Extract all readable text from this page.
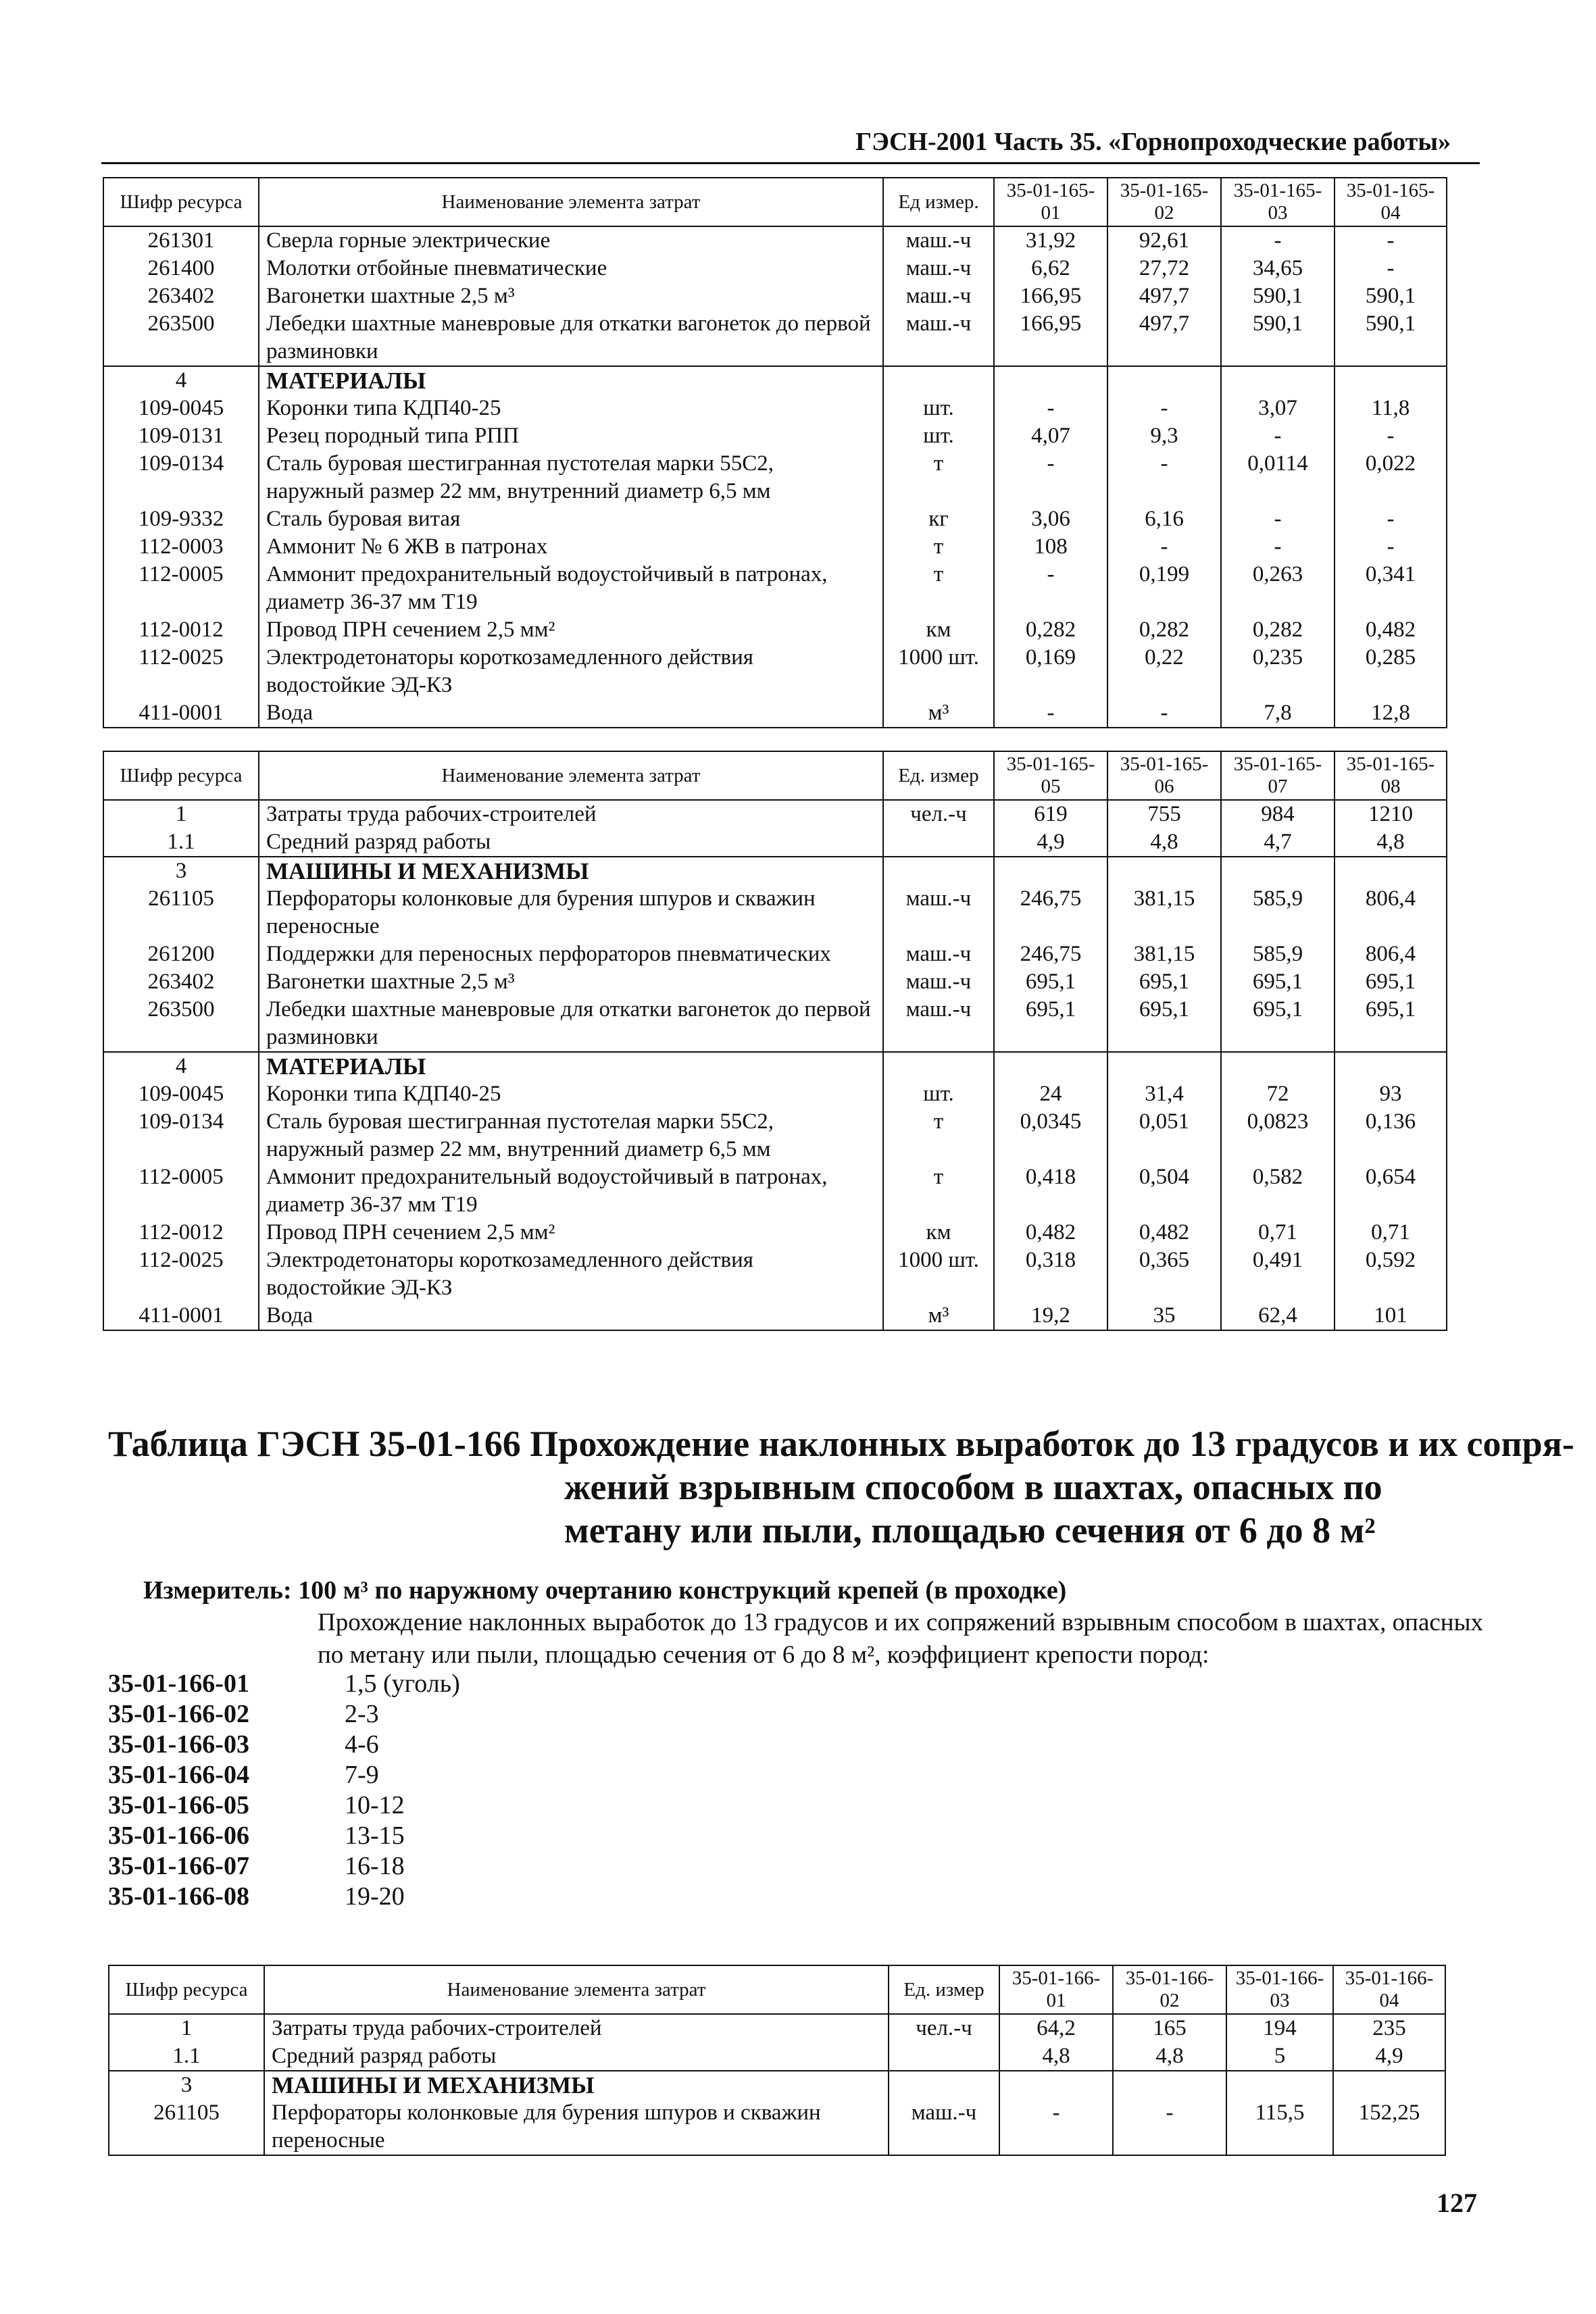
ГЭСН-2001 Часть 35. «Горнопроходческие работы»
Шифр ресурса	Наименование элемента затрат	Ед измер.	35-01-165-01	35-01-165-02	35-01-165-03	35-01-165-04
261301	Сверла горные электрические	маш.-ч	31,92	92,61	-	-
261400	Молотки отбойные пневматические	маш.-ч	6,62	27,72	34,65	-
263402	Вагонетки шахтные 2,5 м³	маш.-ч	166,95	497,7	590,1	590,1
263500	Лебедки шахтные маневровые для откатки вагонеток до первой разминовки	маш.-ч	166,95	497,7	590,1	590,1
4	МАТЕРИАЛЫ					
109-0045	Коронки типа КДП40-25	шт.	-	-	3,07	11,8
109-0131	Резец породный типа РПП	шт.	4,07	9,3	-	-
109-0134	Сталь буровая шестигранная пустотелая марки 55С2, наружный размер 22 мм, внутренний диаметр 6,5 мм	т	-	-	0,0114	0,022
109-9332	Сталь буровая витая	кг	3,06	6,16	-	-
112-0003	Аммонит № 6 ЖВ в патронах	т	108	-	-	-
112-0005	Аммонит предохранительный водоустойчивый в патронах, диаметр 36-37 мм Т19	т	-	0,199	0,263	0,341
112-0012	Провод ПРН сечением 2,5 мм²	км	0,282	0,282	0,282	0,482
112-0025	Электродетонаторы короткозамедленного действия водостойкие ЭД-КЗ	1000 шт.	0,169	0,22	0,235	0,285
411-0001	Вода	м³	-	-	7,8	12,8
Шифр ресурса	Наименование элемента затрат	Ед. измер	35-01-165-05	35-01-165-06	35-01-165-07	35-01-165-08
1	Затраты труда рабочих-строителей	чел.-ч	619	755	984	1210
1.1	Средний разряд работы		4,9	4,8	4,7	4,8
3	МАШИНЫ И МЕХАНИЗМЫ					
261105	Перфораторы колонковые для бурения шпуров и скважин переносные	маш.-ч	246,75	381,15	585,9	806,4
261200	Поддержки для переносных перфораторов пневматических	маш.-ч	246,75	381,15	585,9	806,4
263402	Вагонетки шахтные 2,5 м³	маш.-ч	695,1	695,1	695,1	695,1
263500	Лебедки шахтные маневровые для откатки вагонеток до первой разминовки	маш.-ч	695,1	695,1	695,1	695,1
4	МАТЕРИАЛЫ					
109-0045	Коронки типа КДП40-25	шт.	24	31,4	72	93
109-0134	Сталь буровая шестигранная пустотелая марки 55С2, наружный размер 22 мм, внутренний диаметр 6,5 мм	т	0,0345	0,051	0,0823	0,136
112-0005	Аммонит предохранительный водоустойчивый в патронах, диаметр 36-37 мм Т19	т	0,418	0,504	0,582	0,654
112-0012	Провод ПРН сечением 2,5 мм²	км	0,482	0,482	0,71	0,71
112-0025	Электродетонаторы короткозамедленного действия водостойкие ЭД-КЗ	1000 шт.	0,318	0,365	0,491	0,592
411-0001	Вода	м³	19,2	35	62,4	101
Таблица ГЭСН 35-01-166 Прохождение наклонных выработок до 13 градусов и их сопря-
жений взрывным способом в шахтах, опасных по метану или пыли, площадью сечения от 6 до 8 м²
Измеритель: 100 м³ по наружному очертанию конструкций крепей (в проходке)
Прохождение наклонных выработок до 13 градусов и их сопряжений взрывным способом в шахтах, опасных по метану или пыли, площадью сечения от 6 до 8 м², коэффициент крепости пород:
35-01-166-01	1,5 (уголь)
35-01-166-02	2-3
35-01-166-03	4-6
35-01-166-04	7-9
35-01-166-05	10-12
35-01-166-06	13-15
35-01-166-07	16-18
35-01-166-08	19-20
Шифр ресурса	Наименование элемента затрат	Ед. измер	35-01-166-01	35-01-166-02	35-01-166-03	35-01-166-04
1	Затраты труда рабочих-строителей	чел.-ч	64,2	165	194	235
1.1	Средний разряд работы		4,8	4,8	5	4,9
3	МАШИНЫ И МЕХАНИЗМЫ					
261105	Перфораторы колонковые для бурения шпуров и скважин переносные	маш.-ч	-	-	115,5	152,25
127
